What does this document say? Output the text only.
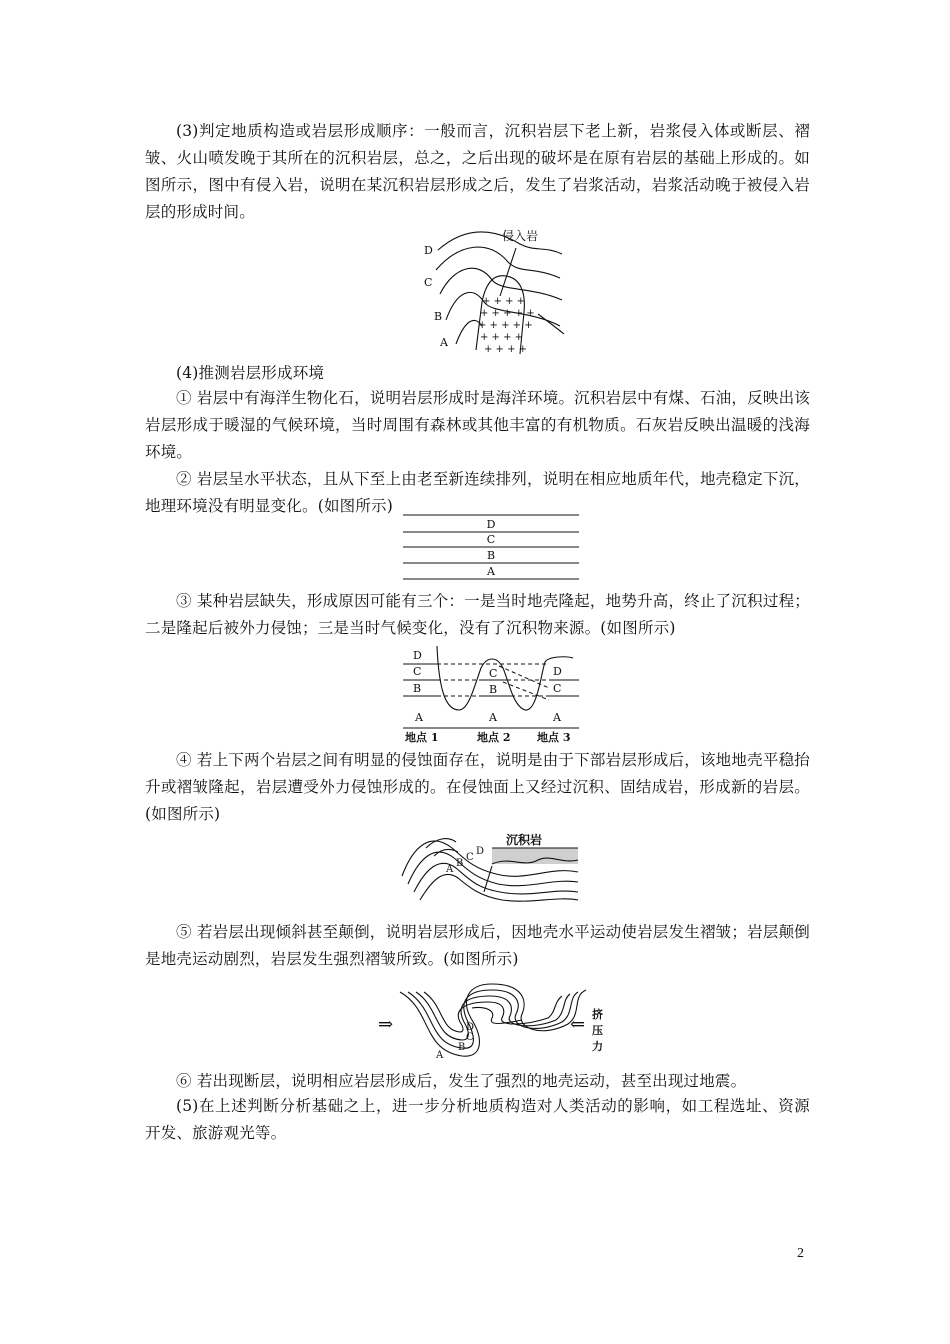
(3)判定地质构造或岩层形成顺序：一般而言，沉积岩层下老上新，岩浆侵入体或断层、褶皱、火山喷发晚于其所在的沉积岩层，总之，之后出现的破坏是在原有岩层的基础上形成的。如图所示，图中有侵入岩，说明在某沉积岩层形成之后，发生了岩浆活动，岩浆活动晚于被侵入岩层的形成时间。

+ + + +
+ + + + +
+ + + + +
+ + + +
+ + + +
侵入岩
D
C
B
A

(4)推测岩层形成环境

① 岩层中有海洋生物化石，说明岩层形成时是海洋环境。沉积岩层中有煤、石油，反映出该岩层形成于暖湿的气候环境，当时周围有森林或其他丰富的有机物质。石灰岩反映出温暖的浅海环境。

② 岩层呈水平状态，且从下至上由老至新连续排列，说明在相应地质年代，地壳稳定下沉，地理环境没有明显变化。(如图所示)

D
C
B
A

③ 某种岩层缺失，形成原因可能有三个：一是当时地壳隆起，地势升高，终止了沉积过程；二是隆起后被外力侵蚀；三是当时气候变化，没有了沉积物来源。(如图所示)

D
C
B
A
C
B
A
D
C
A
地点 1	地点 2 地点 3

④ 若上下两个岩层之间有明显的侵蚀面存在，说明是由于下部岩层形成后，该地地壳平稳抬升或褶皱隆起，岩层遭受外力侵蚀形成的。在侵蚀面上又经过沉积、固结成岩，形成新的岩层。(如图所示)

A
B
C
D
沉积岩

⑤ 若岩层出现倾斜甚至颠倒，说明岩层形成后，因地壳水平运动使岩层发生褶皱；岩层颠倒是地壳运动剧烈，岩层发生强烈褶皱所致。(如图所示)

⇒	⇐ 挤
压
力
A
B
C
D

⑥ 若出现断层，说明相应岩层形成后，发生了强烈的地壳运动，甚至出现过地震。

(5)在上述判断分析基础之上，进一步分析地质构造对人类活动的影响，如工程选址、资源开发、旅游观光等。

2
